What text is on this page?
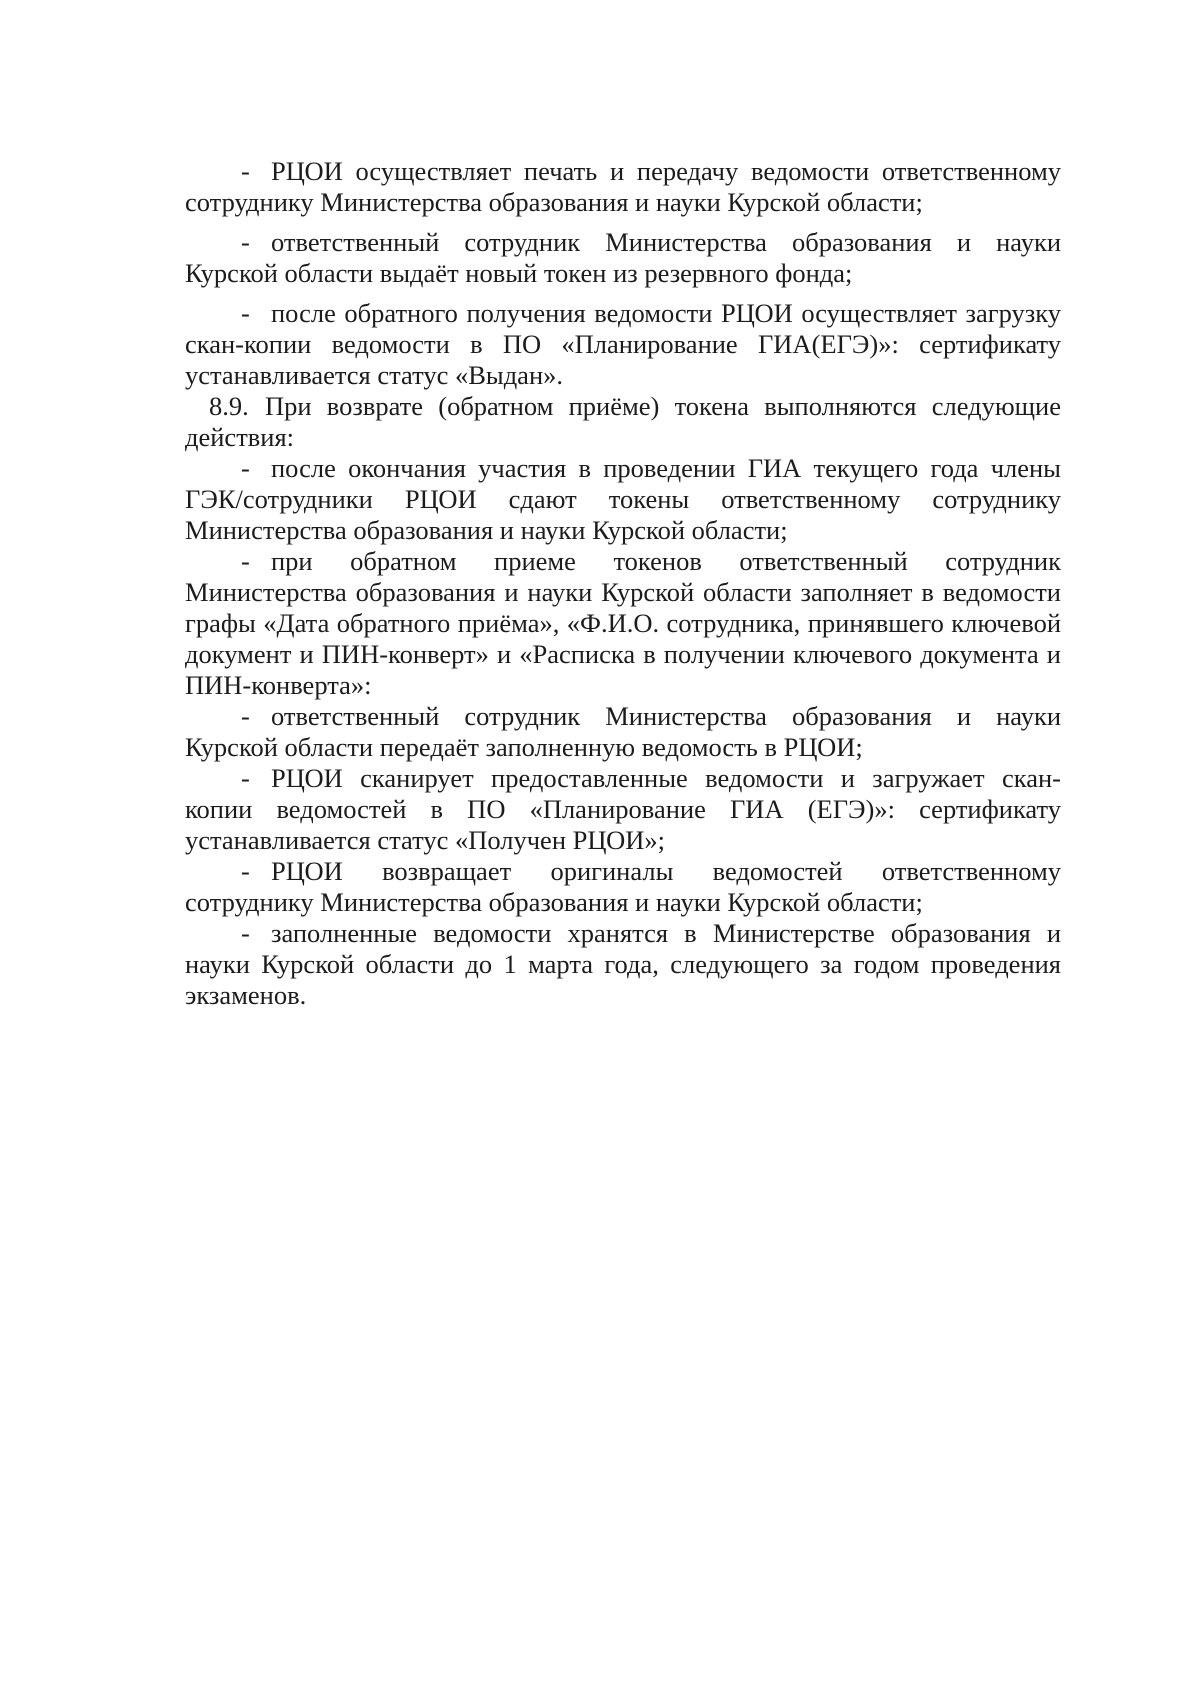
- РЦОИ осуществляет печать и передачу ведомости ответственному сотруднику Министерства образования и науки Курской области;

- ответственный сотрудник Министерства образования и науки Курской области выдаёт новый токен из резервного фонда;

- после обратного получения ведомости РЦОИ осуществляет загрузку скан-копии ведомости в ПО «Планирование ГИА(ЕГЭ)»: сертификату устанавливается статус «Выдан».

8.9. При возврате (обратном приёме) токена выполняются следующие действия:

- после окончания участия в проведении ГИА текущего года члены ГЭК/сотрудники РЦОИ сдают токены ответственному сотруднику Министерства образования и науки Курской области;

- при обратном приеме токенов ответственный сотрудник Министерства образования и науки Курской области заполняет в ведомости графы «Дата обратного приёма», «Ф.И.О. сотрудника, принявшего ключевой документ и ПИН-конверт» и «Расписка в получении ключевого документа и ПИН-конверта»:

- ответственный сотрудник Министерства образования и науки Курской области передаёт заполненную ведомость в РЦОИ;

- РЦОИ сканирует предоставленные ведомости и загружает скан-копии ведомостей в ПО «Планирование ГИА (ЕГЭ)»: сертификату устанавливается статус «Получен РЦОИ»;

- РЦОИ возвращает оригиналы ведомостей ответственному сотруднику Министерства образования и науки Курской области;

- заполненные ведомости хранятся в Министерстве образования и науки Курской области до 1 марта года, следующего за годом проведения экзаменов.
